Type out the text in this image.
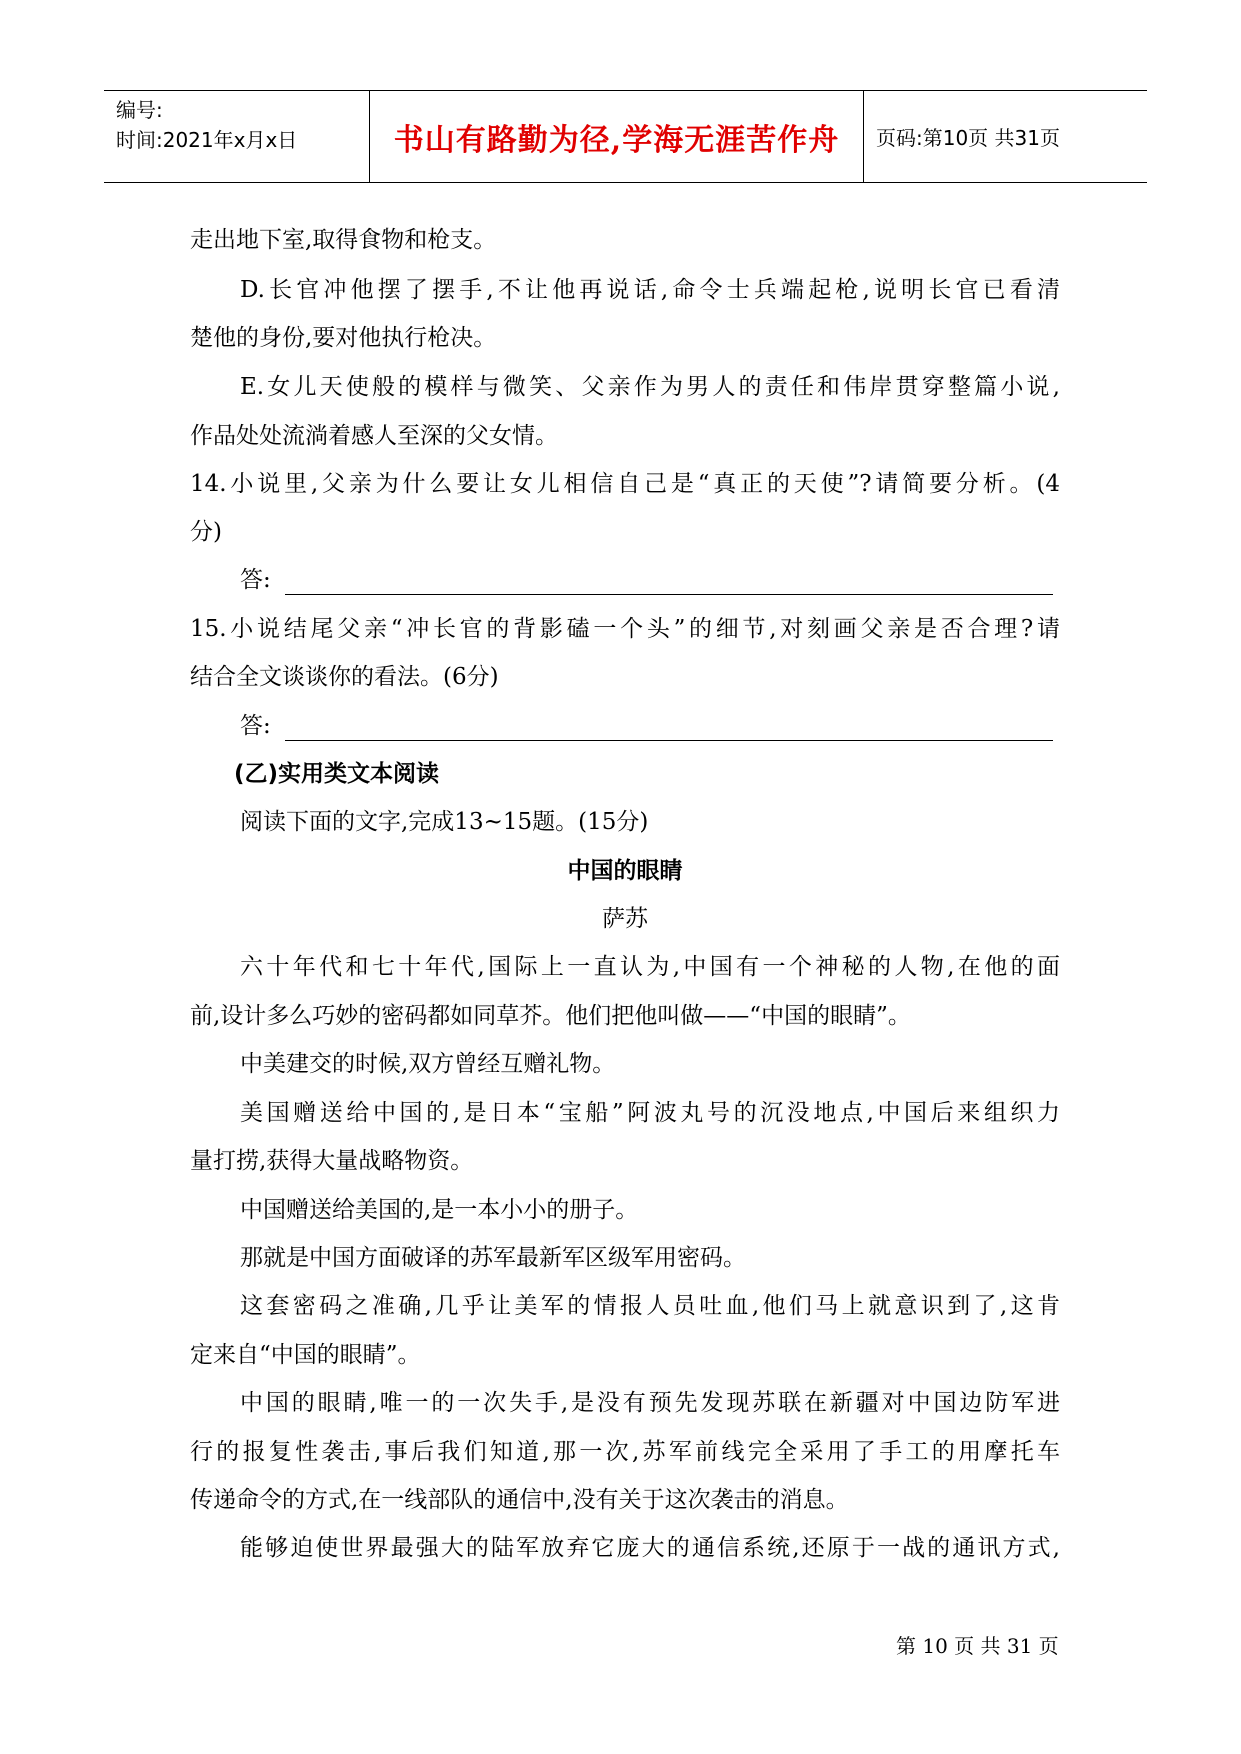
编号:
时间:2021年x月x日	书山有路勤为径,学海无涯苦作舟 页码:第10页 共31页
走出地下室,取得食物和枪支。
D.长官冲他摆了摆手,不让他再说话,命令士兵端起枪,说明长官已看清
楚他的身份,要对他执行枪决。
E.女儿天使般的模样与微笑、父亲作为男人的责任和伟岸贯穿整篇小说,
作品处处流淌着感人至深的父女情。
14.小说里,父亲为什么要让女儿相信自己是“真正的天使”?请简要分析。(4
分)
答:
15.小说结尾父亲“冲长官的背影磕一个头”的细节,对刻画父亲是否合理?请
结合全文谈谈你的看法。(6分)
答:
(乙)实用类文本阅读
阅读下面的文字,完成13~15题。(15分)
中国的眼睛
萨苏
六十年代和七十年代,国际上一直认为,中国有一个神秘的人物,在他的面
前,设计多么巧妙的密码都如同草芥。他们把他叫做——“中国的眼睛”。
中美建交的时候,双方曾经互赠礼物。
美国赠送给中国的,是日本“宝船”阿波丸号的沉没地点,中国后来组织力
量打捞,获得大量战略物资。
中国赠送给美国的,是一本小小的册子。
那就是中国方面破译的苏军最新军区级军用密码。
这套密码之准确,几乎让美军的情报人员吐血,他们马上就意识到了,这肯
定来自“中国的眼睛”。
中国的眼睛,唯一的一次失手,是没有预先发现苏联在新疆对中国边防军进
行的报复性袭击,事后我们知道,那一次,苏军前线完全采用了手工的用摩托车
传递命令的方式,在一线部队的通信中,没有关于这次袭击的消息。
能够迫使世界最强大的陆军放弃它庞大的通信系统,还原于一战的通讯方式,
第 10 页 共 31 页
